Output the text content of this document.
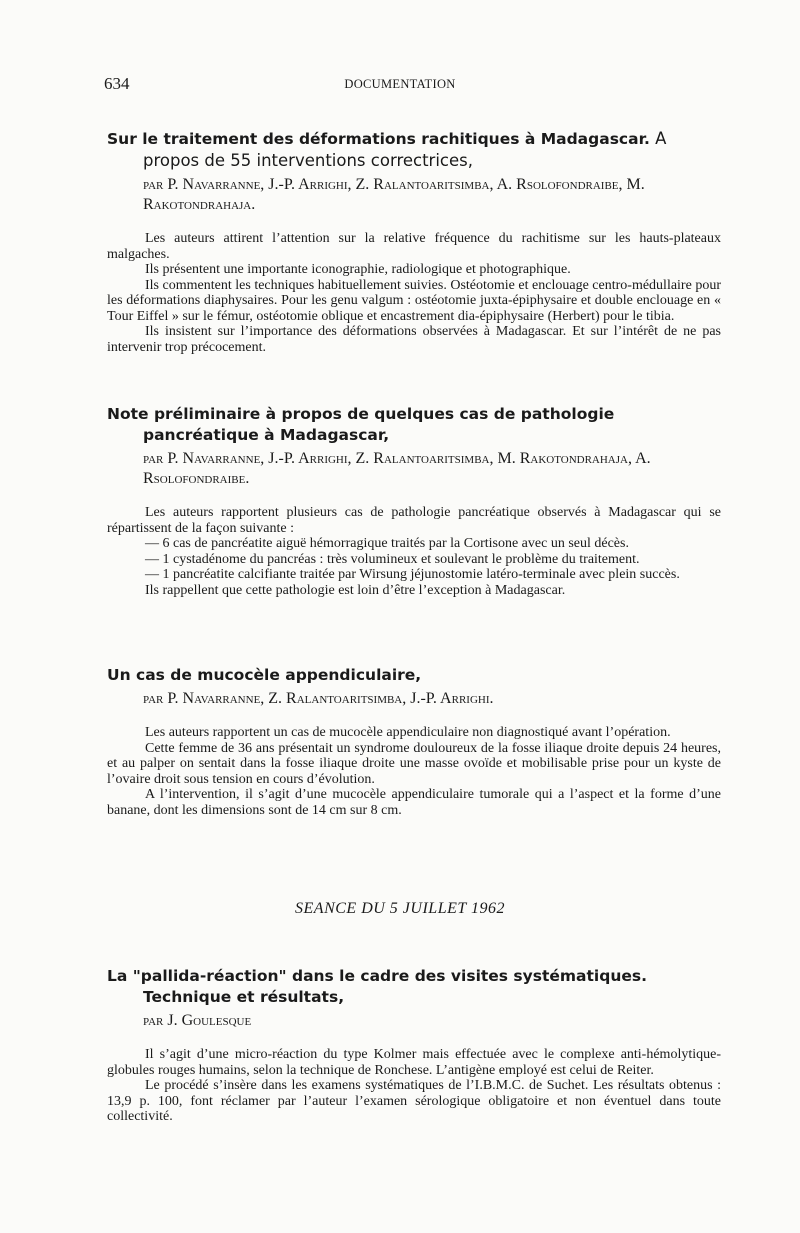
634	DOCUMENTATION
Sur le traitement des déformations rachitiques à Madagascar. A propos de 55 interventions correctrices,
par P. Navarranne, J.-P. Arrighi, Z. Ralantoaritsimba, A. Rsolofondraibe, M. Rakotondrahaja.

Les auteurs attirent l’attention sur la relative fréquence du rachitisme sur les hauts-plateaux malgaches.

Ils présentent une importante iconographie, radiologique et photographique.

Ils commentent les techniques habituellement suivies. Ostéotomie et enclouage centro-médullaire pour les déformations diaphysaires. Pour les genu valgum : ostéotomie juxta-épiphysaire et double enclouage en « Tour Eiffel » sur le fémur, ostéotomie oblique et encastrement dia-épiphysaire (Herbert) pour le tibia.

Ils insistent sur l’importance des déformations observées à Madagascar. Et sur l’intérêt de ne pas intervenir trop précocement.

Note préliminaire à propos de quelques cas de pathologie pancréatique à Madagascar,
par P. Navarranne, J.-P. Arrighi, Z. Ralantoaritsimba, M. Rakotondrahaja, A. Rsolofondraibe.

Les auteurs rapportent plusieurs cas de pathologie pancréatique observés à Madagascar qui se répartissent de la façon suivante :

— 6 cas de pancréatite aiguë hémorragique traités par la Cortisone avec un seul décès.

— 1 cystadénome du pancréas : très volumineux et soulevant le problème du traitement.

— 1 pancréatite calcifiante traitée par Wirsung jéjunostomie latéro-terminale avec plein succès.

Ils rappellent que cette pathologie est loin d’être l’exception à Madagascar.

Un cas de mucocèle appendiculaire,
par P. Navarranne, Z. Ralantoaritsimba, J.-P. Arrighi.

Les auteurs rapportent un cas de mucocèle appendiculaire non diagnostiqué avant l’opération.

Cette femme de 36 ans présentait un syndrome douloureux de la fosse iliaque droite depuis 24 heures, et au palper on sentait dans la fosse iliaque droite une masse ovoïde et mobilisable prise pour un kyste de l’ovaire droit sous tension en cours d’évolution.

A l’intervention, il s’agit d’une mucocèle appendiculaire tumorale qui a l’aspect et la forme d’une banane, dont les dimensions sont de 14 cm sur 8 cm.

SEANCE DU 5 JUILLET 1962
La "pallida-réaction" dans le cadre des visites systématiques. Technique et résultats,
par J. Goulesque

Il s’agit d’une micro-réaction du type Kolmer mais effectuée avec le complexe anti-hémolytique-globules rouges humains, selon la technique de Ronchese. L’antigène employé est celui de Reiter.

Le procédé s’insère dans les examens systématiques de l’I.B.M.C. de Suchet. Les résultats obtenus : 13,9 p. 100, font réclamer par l’auteur l’examen sérologique obligatoire et non éventuel dans toute collectivité.
